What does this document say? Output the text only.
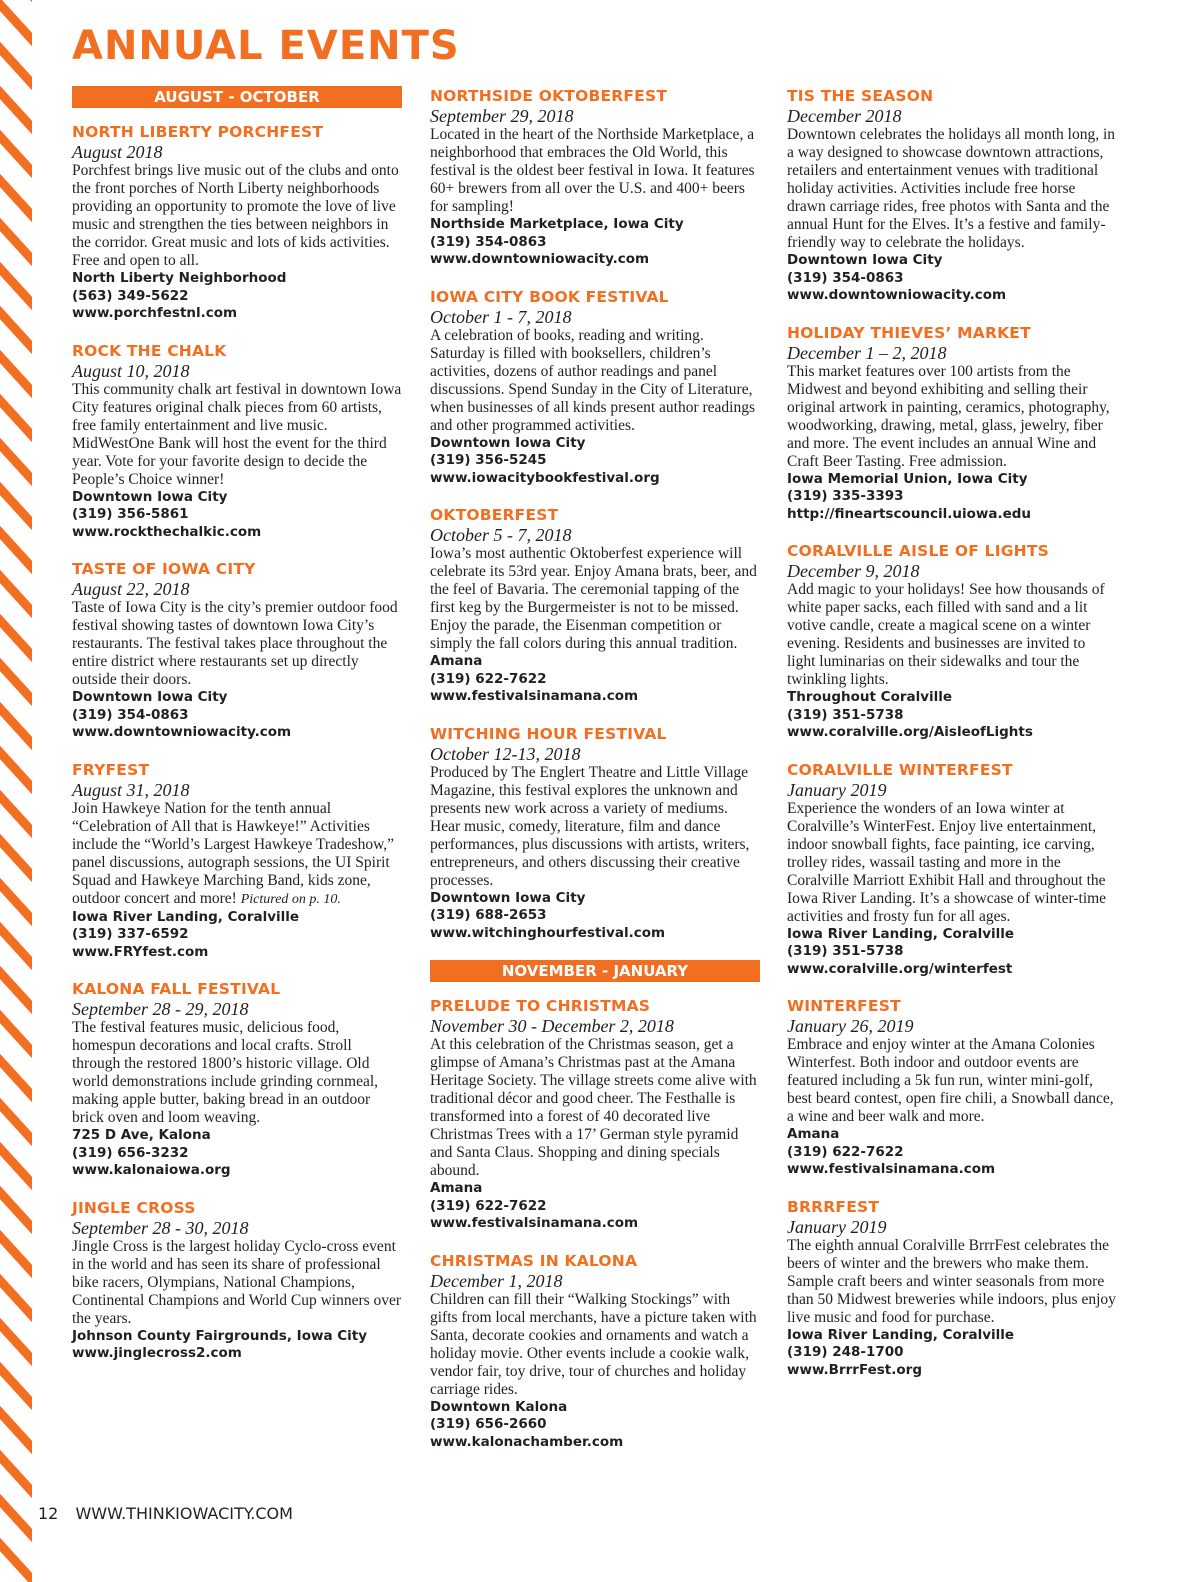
ANNUAL EVENTS
AUGUST - OCTOBER
NORTH LIBERTY PORCHFEST
August 2018

Porchfest brings live music out of the clubs and onto the front porches of North Liberty neighborhoods providing an opportunity to promote the love of live music and strengthen the ties between neighbors in the corridor. Great music and lots of kids activities. Free and open to all.

North Liberty Neighborhood
(563) 349-5622
www.porchfestnl.com
ROCK THE CHALK
August 10, 2018

This community chalk art festival in downtown Iowa City features original chalk pieces from 60 artists, free family entertainment and live music. MidWestOne Bank will host the event for the third year. Vote for your favorite design to decide the People’s Choice winner!

Downtown Iowa City
(319) 356-5861
www.rockthechalkic.com
TASTE OF IOWA CITY
August 22, 2018

Taste of Iowa City is the city’s premier outdoor food festival showing tastes of downtown Iowa City’s restaurants. The festival takes place throughout the entire district where restaurants set up directly outside their doors.

Downtown Iowa City
(319) 354-0863
www.downtowniowacity.com
FRYFEST
August 31, 2018

Join Hawkeye Nation for the tenth annual “Celebration of All that is Hawkeye!” Activities include the “World’s Largest Hawkeye Tradeshow,” panel discussions, autograph sessions, the UI Spirit Squad and Hawkeye Marching Band, kids zone, outdoor concert and more! Pictured on p. 10.

Iowa River Landing, Coralville
(319) 337-6592
www.FRYfest.com
KALONA FALL FESTIVAL
September 28 - 29, 2018

The festival features music, delicious food, homespun decorations and local crafts. Stroll through the restored 1800’s historic village. Old world demonstrations include grinding cornmeal, making apple butter, baking bread in an outdoor brick oven and loom weaving.

725 D Ave, Kalona
(319) 656-3232
www.kalonaiowa.org
JINGLE CROSS
September 28 - 30, 2018

Jingle Cross is the largest holiday Cyclo-cross event in the world and has seen its share of professional bike racers, Olympians, National Champions, Continental Champions and World Cup winners over the years.

Johnson County Fairgrounds, Iowa City
www.jinglecross2.com
NORTHSIDE OKTOBERFEST
September 29, 2018

Located in the heart of the Northside Marketplace, a neighborhood that embraces the Old World, this festival is the oldest beer festival in Iowa. It features 60+ brewers from all over the U.S. and 400+ beers for sampling!

Northside Marketplace, Iowa City
(319) 354-0863
www.downtowniowacity.com
IOWA CITY BOOK FESTIVAL
October 1 - 7, 2018

A celebration of books, reading and writing. Saturday is filled with booksellers, children’s activities, dozens of author readings and panel discussions. Spend Sunday in the City of Literature, when businesses of all kinds present author readings and other programmed activities.

Downtown Iowa City
(319) 356-5245
www.iowacitybookfestival.org
OKTOBERFEST
October 5 - 7, 2018

Iowa’s most authentic Oktoberfest experience will celebrate its 53rd year. Enjoy Amana brats, beer, and the feel of Bavaria. The ceremonial tapping of the first keg by the Burgermeister is not to be missed. Enjoy the parade, the Eisenman competition or simply the fall colors during this annual tradition.

Amana
(319) 622-7622
www.festivalsinamana.com
WITCHING HOUR FESTIVAL
October 12-13, 2018

Produced by The Englert Theatre and Little Village Magazine, this festival explores the unknown and presents new work across a variety of mediums. Hear music, comedy, literature, film and dance performances, plus discussions with artists, writers, entrepreneurs, and others discussing their creative processes.

Downtown Iowa City
(319) 688-2653
www.witchinghourfestival.com
NOVEMBER - JANUARY
PRELUDE TO CHRISTMAS
November 30 - December 2, 2018

At this celebration of the Christmas season, get a glimpse of Amana’s Christmas past at the Amana Heritage Society. The village streets come alive with traditional décor and good cheer. The Festhalle is transformed into a forest of 40 decorated live Christmas Trees with a 17’ German style pyramid and Santa Claus. Shopping and dining specials abound.

Amana
(319) 622-7622
www.festivalsinamana.com
CHRISTMAS IN KALONA
December 1, 2018

Children can fill their “Walking Stockings” with gifts from local merchants, have a picture taken with Santa, decorate cookies and ornaments and watch a holiday movie. Other events include a cookie walk, vendor fair, toy drive, tour of churches and holiday carriage rides.

Downtown Kalona
(319) 656-2660
www.kalonachamber.com
TIS THE SEASON
December 2018

Downtown celebrates the holidays all month long, in a way designed to showcase downtown attractions, retailers and entertainment venues with traditional holiday activities. Activities include free horse drawn carriage rides, free photos with Santa and the annual Hunt for the Elves. It’s a festive and family-friendly way to celebrate the holidays.

Downtown Iowa City
(319) 354-0863
www.downtowniowacity.com
HOLIDAY THIEVES’ MARKET
December 1 – 2, 2018

This market features over 100 artists from the Midwest and beyond exhibiting and selling their original artwork in painting, ceramics, photography, woodworking, drawing, metal, glass, jewelry, fiber and more. The event includes an annual Wine and Craft Beer Tasting. Free admission.

Iowa Memorial Union, Iowa City
(319) 335-3393
http://fineartscouncil.uiowa.edu
CORALVILLE AISLE OF LIGHTS
December 9, 2018

Add magic to your holidays! See how thousands of white paper sacks, each filled with sand and a lit votive candle, create a magical scene on a winter evening. Residents and businesses are invited to light luminarias on their sidewalks and tour the twinkling lights.

Throughout Coralville
(319) 351-5738
www.coralville.org/AisleofLights
CORALVILLE WINTERFEST
January 2019

Experience the wonders of an Iowa winter at Coralville’s WinterFest. Enjoy live entertainment, indoor snowball fights, face painting, ice carving, trolley rides, wassail tasting and more in the Coralville Marriott Exhibit Hall and throughout the Iowa River Landing. It’s a showcase of winter-time activities and frosty fun for all ages.

Iowa River Landing, Coralville
(319) 351-5738
www.coralville.org/winterfest
WINTERFEST
January 26, 2019

Embrace and enjoy winter at the Amana Colonies Winterfest. Both indoor and outdoor events are featured including a 5k fun run, winter mini-golf, best beard contest, open fire chili, a Snowball dance, a wine and beer walk and more.

Amana
(319) 622-7622
www.festivalsinamana.com
BRRRFEST
January 2019

The eighth annual Coralville BrrrFest celebrates the beers of winter and the brewers who make them. Sample craft beers and winter seasonals from more than 50 Midwest breweries while indoors, plus enjoy live music and food for purchase.

Iowa River Landing, Coralville
(319) 248-1700
www.BrrrFest.org
12 WWW.THINKIOWACITY.COM
